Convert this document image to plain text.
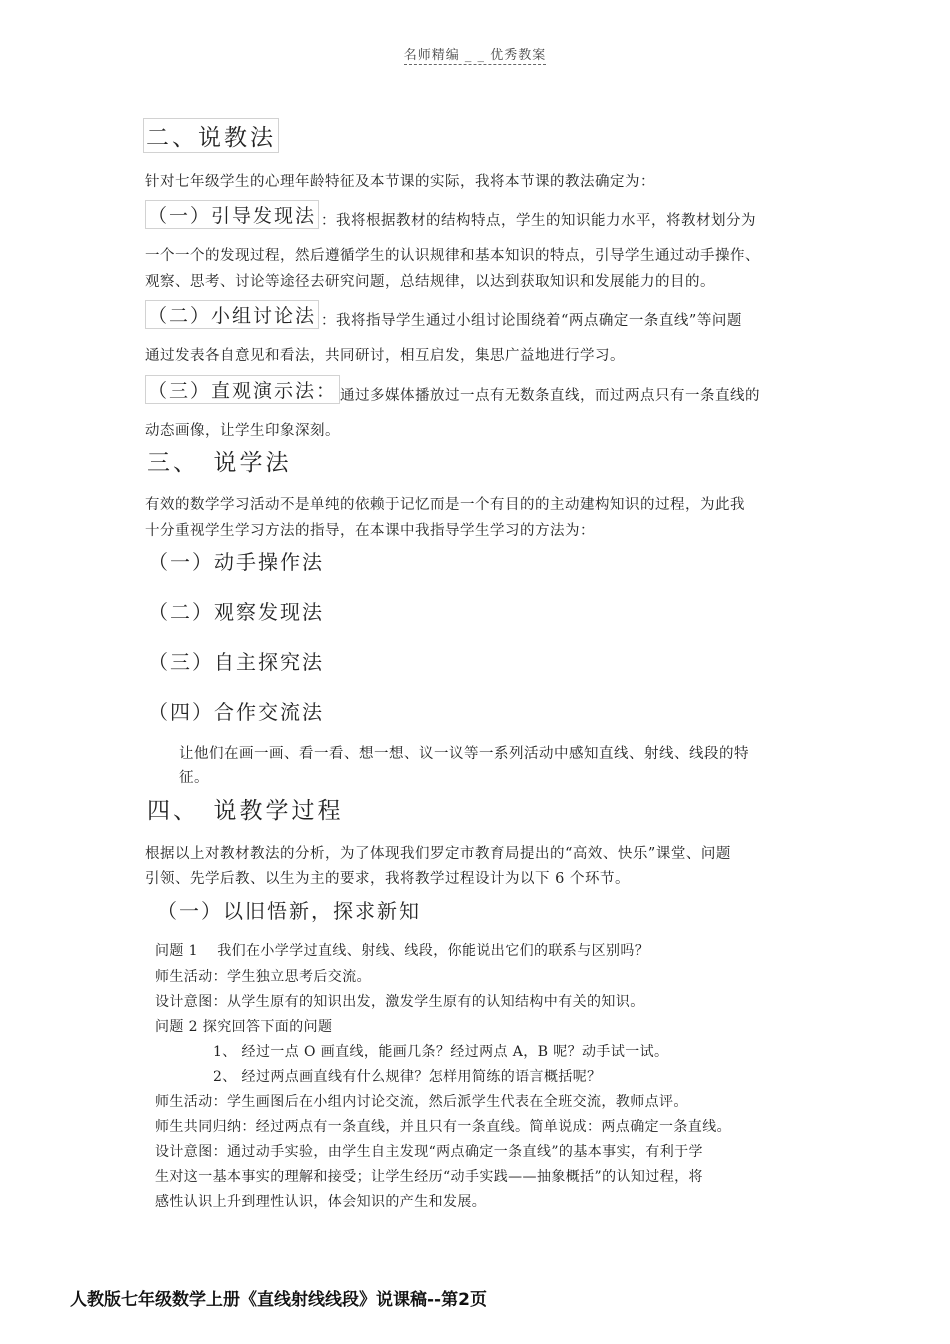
名师精编 _ _ 优秀教案
二、说教法
针对七年级学生的心理年龄特征及本节课的实际，我将本节课的教法确定为：
（一）引导发现法 ：我将根据教材的结构特点，学生的知识能力水平，将教材划分为
一个一个的发现过程，然后遵循学生的认识规律和基本知识的特点，引导学生通过动手操作、
观察、思考、讨论等途径去研究问题，总结规律，以达到获取知识和发展能力的目的。
（二）小组讨论法 ：我将指导学生通过小组讨论围绕着“两点确定一条直线”等问题
通过发表各自意见和看法，共同研讨，相互启发，集思广益地进行学习。
（三）直观演示法： 通过多媒体播放过一点有无数条直线，而过两点只有一条直线的
动态画像，让学生印象深刻。
三、　说学法
有效的数学学习活动不是单纯的依赖于记忆而是一个有目的的主动建构知识的过程，为此我
十分重视学生学习方法的指导，在本课中我指导学生学习的方法为：
（一）动手操作法
（二）观察发现法
（三）自主探究法
（四）合作交流法
让他们在画一画、看一看、想一想、议一议等一系列活动中感知直线、射线、线段的特
征。
四、　说教学过程
根据以上对教材教法的分析，为了体现我们罗定市教育局提出的“高效、快乐”课堂、问题
引领、先学后教、以生为主的要求，我将教学过程设计为以下 6 个环节。
（一）以旧悟新，探求新知
问题 1　 我们在小学学过直线、射线、线段，你能说出它们的联系与区别吗？
师生活动：学生独立思考后交流。
设计意图：从学生原有的知识出发，激发学生原有的认知结构中有关的知识。
问题 2 探究回答下面的问题
1、 经过一点 O 画直线，能画几条？经过两点 A，B 呢？动手试一试。
2、 经过两点画直线有什么规律？怎样用简练的语言概括呢？
师生活动：学生画图后在小组内讨论交流，然后派学生代表在全班交流，教师点评。
师生共同归纳：经过两点有一条直线，并且只有一条直线。简单说成：两点确定一条直线。
设计意图：通过动手实验，由学生自主发现“两点确定一条直线”的基本事实，有利于学
生对这一基本事实的理解和接受；让学生经历“动手实践——抽象概括”的认知过程，将
感性认识上升到理性认识，体会知识的产生和发展。
人教版七年级数学上册《直线射线线段》说课稿--第2页
